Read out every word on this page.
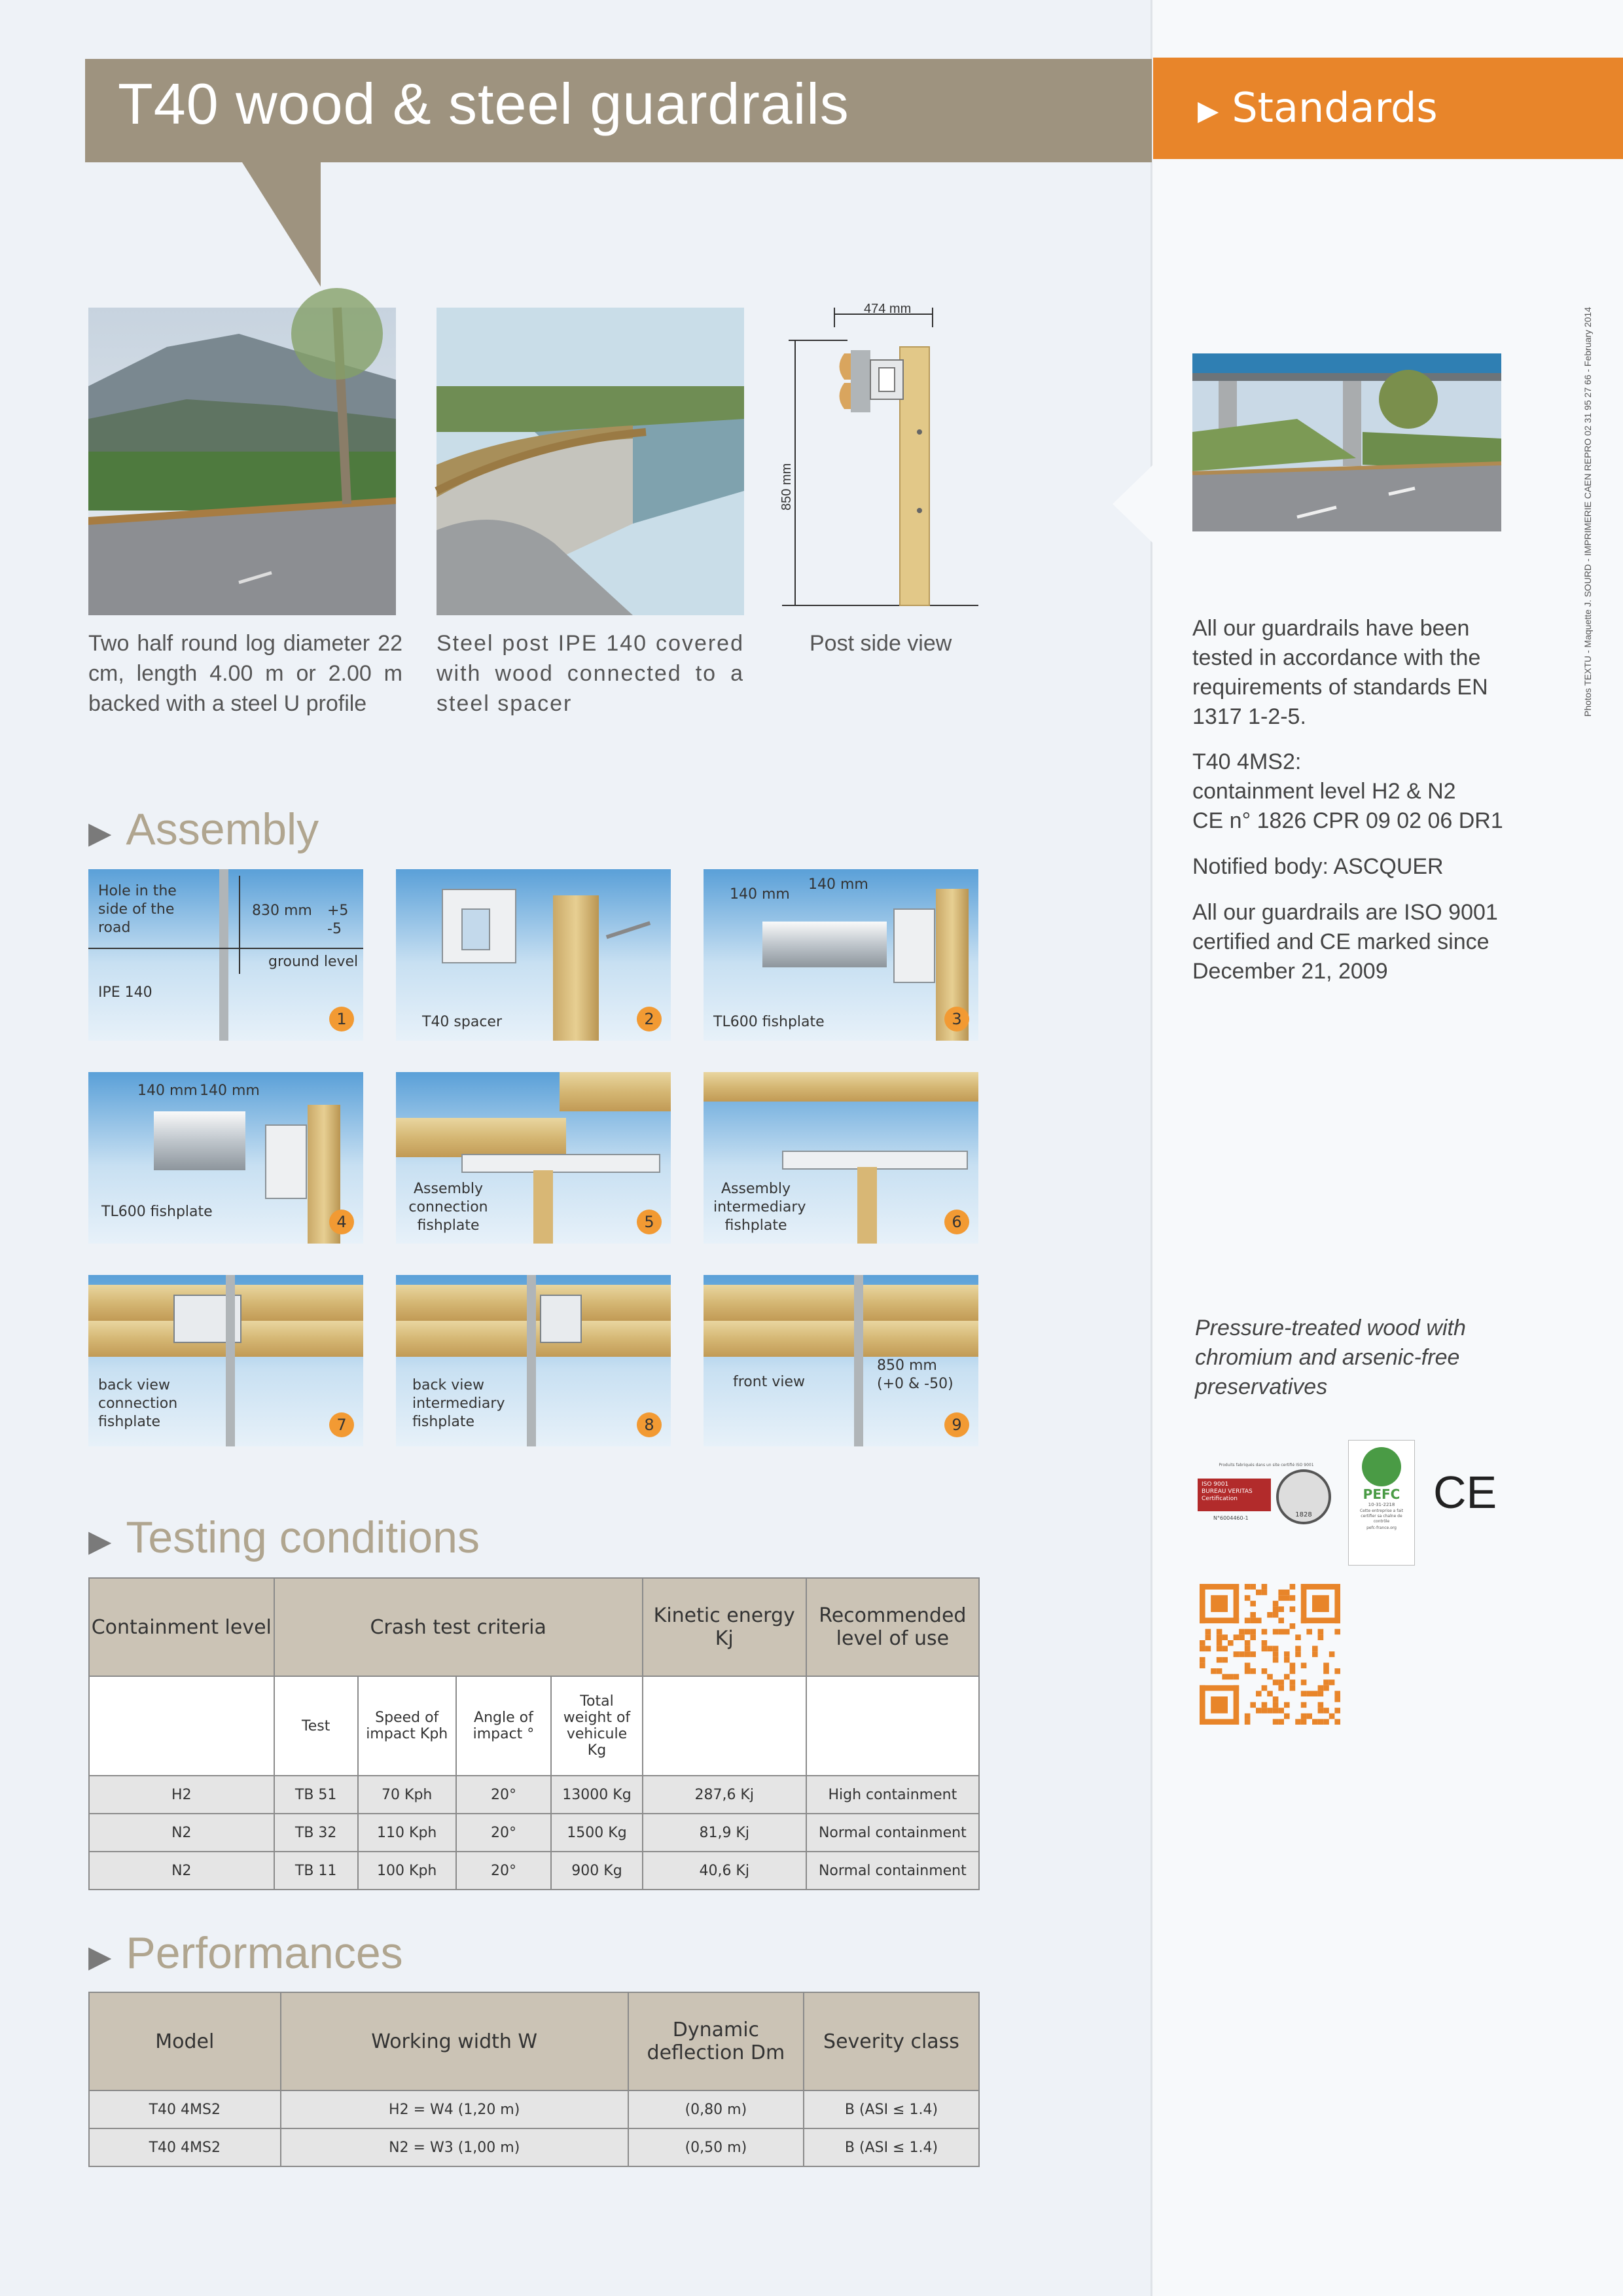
T40 wood & steel guardrails	▶ Standards
474 mm
850 mm
Two half round log diameter 22 cm, length 4.00 m or 2.00 m backed with a steel U profile
Steel post IPE 140 covered with wood connected to a steel spacer
Post side view
▶ Assembly
Hole in the side of the road
830 mm +5
-5
ground level
IPE 140
1	T40 spacer	2
140 mm
140 mm
TL600 fishplate	3
140 mm 140 mm
TL600 fishplate
4
Assembly connection fishplate	5
Assembly intermediary fishplate	6
back view connection fishplate	7
back view intermediary fishplate	8
front view
850 mm
(+0 & -50)
9
▶ Testing conditions
Containment level	Crash test criteria				Kinetic energy Kj	Recommended level of use
	Test	Speed of impact Kph	Angle of impact °	Total weight of vehicule Kg		
H2	TB 51	70 Kph	20°	13000 Kg	287,6 Kj	High containment
N2	TB 32	110 Kph	20°	1500 Kg	81,9 Kj	Normal containment
N2	TB 11	100 Kph	20°	900 Kg	40,6 Kj	Normal containment
▶ Performances
Model	Working width W	Dynamic deflection Dm	Severity class
T40 4MS2	H2 = W4 (1,20 m)	(0,80 m)	B (ASI ≤ 1.4)
T40 4MS2	N2 = W3 (1,00 m)	(0,50 m)	B (ASI ≤ 1.4)
All our guardrails have been tested in accordance with the requirements of standards EN 1317 1-2-5.
T40 4MS2:
containment level H2 & N2
CE n° 1826 CPR 09 02 06 DR1
Notified body: ASCQUER
All our guardrails are ISO 9001 certified and CE marked since December 21, 2009
Pressure-treated wood with chromium and arsenic-free preservatives
Photos TEXTU - Maquette J. SOURD - IMPRIMERIE CAEN REPRO 02 31 95 27 66 - February 2014
Produits fabriqués dans un site certifié ISO 9001
ISO 9001
BUREAU VERITAS
Certification
N°6004460-1	1828
PEFC
10-31-2218
Cette entreprise a fait certifier sa chaîne de contrôle
pefc-france.org
CE
